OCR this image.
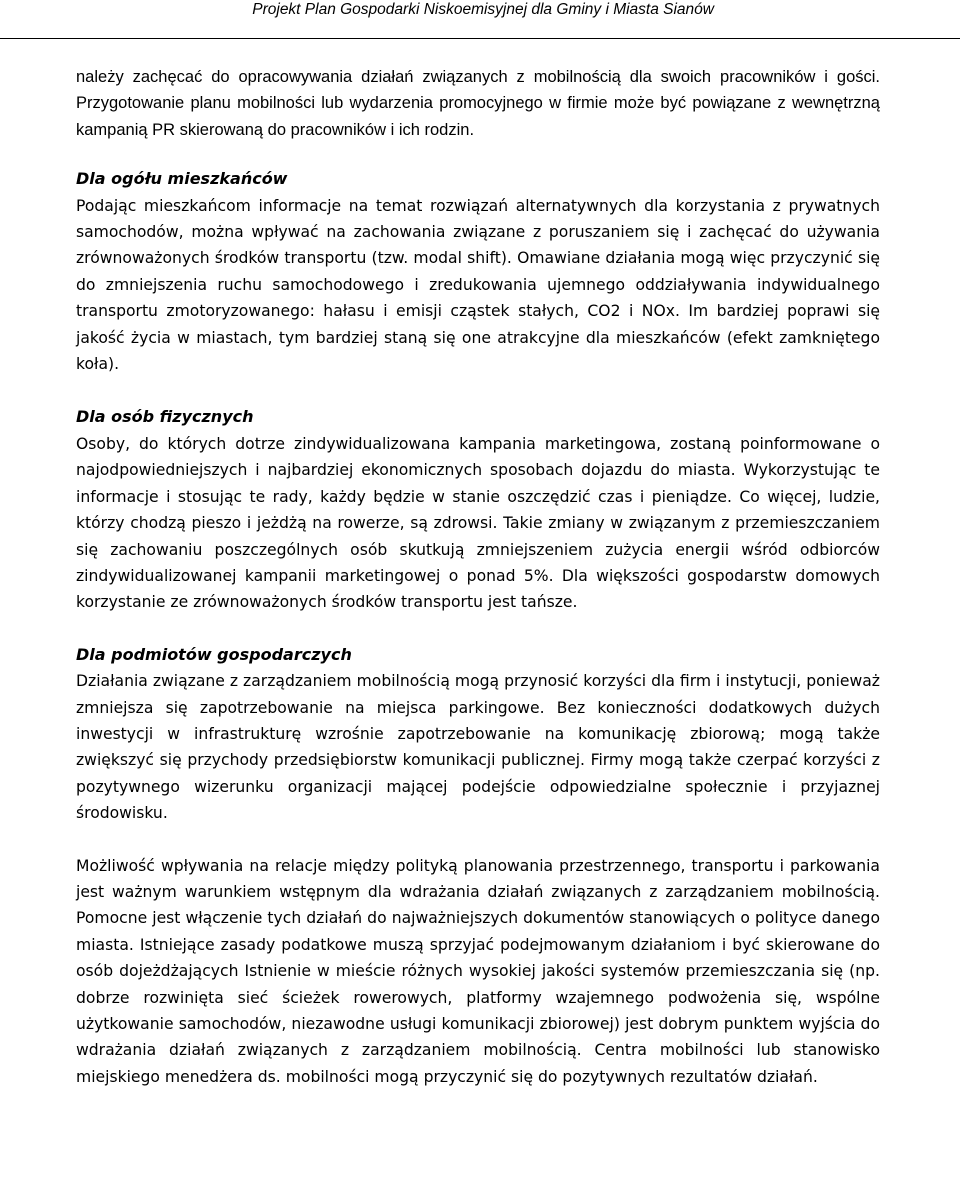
Projekt Plan Gospodarki Niskoemisyjnej dla Gminy i Miasta Sianów

należy zachęcać do opracowywania działań związanych z mobilnością dla swoich pracowników i gości. Przygotowanie planu mobilności lub wydarzenia promocyjnego w firmie może być powiązane z wewnętrzną kampanią PR skierowaną do pracowników i ich rodzin.

Dla ogółu mieszkańców

Podając mieszkańcom informacje na temat rozwiązań alternatywnych dla korzystania z prywatnych samochodów, można wpływać na zachowania związane z poruszaniem się i zachęcać do używania zrównoważonych środków transportu (tzw. modal shift). Omawiane działania mogą więc przyczynić się do zmniejszenia ruchu samochodowego i zredukowania ujemnego oddziaływania indywidualnego transportu zmotoryzowanego: hałasu i emisji cząstek stałych, CO2 i NOx. Im bardziej poprawi się jakość życia w miastach, tym bardziej staną się one atrakcyjne dla mieszkańców (efekt zamkniętego koła).

Dla osób fizycznych

Osoby, do których dotrze zindywidualizowana kampania marketingowa, zostaną poinformowane o najodpowiedniejszych i najbardziej ekonomicznych sposobach dojazdu do miasta. Wykorzystując te informacje i stosując te rady, każdy będzie w stanie oszczędzić czas i pieniądze. Co więcej, ludzie, którzy chodzą pieszo i jeżdżą na rowerze, są zdrowsi. Takie zmiany w związanym z przemieszczaniem się zachowaniu poszczególnych osób skutkują zmniejszeniem zużycia energii wśród odbiorców zindywidualizowanej kampanii marketingowej o ponad 5%. Dla większości gospodarstw domowych korzystanie ze zrównoważonych środków transportu jest tańsze.

Dla podmiotów gospodarczych

Działania związane z zarządzaniem mobilnością mogą przynosić korzyści dla firm i instytucji, ponieważ zmniejsza się zapotrzebowanie na miejsca parkingowe. Bez konieczności dodatkowych dużych inwestycji w infrastrukturę wzrośnie zapotrzebowanie na komunikację zbiorową; mogą także zwiększyć się przychody przedsiębiorstw komunikacji publicznej. Firmy mogą także czerpać korzyści z pozytywnego wizerunku organizacji mającej podejście odpowiedzialne społecznie i przyjaznej środowisku.

Możliwość wpływania na relacje między polityką planowania przestrzennego, transportu i parkowania jest ważnym warunkiem wstępnym dla wdrażania działań związanych z zarządzaniem mobilnością. Pomocne jest włączenie tych działań do najważniejszych dokumentów stanowiących o polityce danego miasta. Istniejące zasady podatkowe muszą sprzyjać podejmowanym działaniom i być skierowane do osób dojeżdżających Istnienie w mieście różnych wysokiej jakości systemów przemieszczania się (np. dobrze rozwinięta sieć ścieżek rowerowych, platformy wzajemnego podwożenia się, wspólne użytkowanie samochodów, niezawodne usługi komunikacji zbiorowej) jest dobrym punktem wyjścia do wdrażania działań związanych z zarządzaniem mobilnością. Centra mobilności lub stanowisko miejskiego menedżera ds. mobilności mogą przyczynić się do pozytywnych rezultatów działań.
